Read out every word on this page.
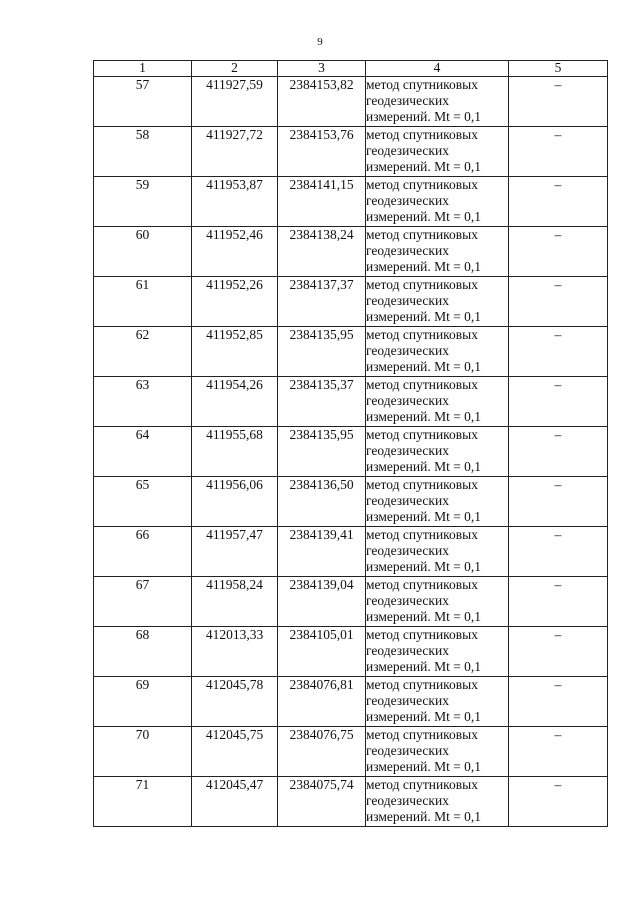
9
1	2	3	4	5
57	411927,59	2384153,82	метод спутниковых
геодезических
измерений. Mt = 0,1	–
58	411927,72	2384153,76	метод спутниковых
геодезических
измерений. Mt = 0,1	–
59	411953,87	2384141,15	метод спутниковых
геодезических
измерений. Mt = 0,1	–
60	411952,46	2384138,24	метод спутниковых
геодезических
измерений. Mt = 0,1	–
61	411952,26	2384137,37	метод спутниковых
геодезических
измерений. Mt = 0,1	–
62	411952,85	2384135,95	метод спутниковых
геодезических
измерений. Mt = 0,1	–
63	411954,26	2384135,37	метод спутниковых
геодезических
измерений. Mt = 0,1	–
64	411955,68	2384135,95	метод спутниковых
геодезических
измерений. Mt = 0,1	–
65	411956,06	2384136,50	метод спутниковых
геодезических
измерений. Mt = 0,1	–
66	411957,47	2384139,41	метод спутниковых
геодезических
измерений. Mt = 0,1	–
67	411958,24	2384139,04	метод спутниковых
геодезических
измерений. Mt = 0,1	–
68	412013,33	2384105,01	метод спутниковых
геодезических
измерений. Mt = 0,1	–
69	412045,78	2384076,81	метод спутниковых
геодезических
измерений. Mt = 0,1	–
70	412045,75	2384076,75	метод спутниковых
геодезических
измерений. Mt = 0,1	–
71	412045,47	2384075,74	метод спутниковых
геодезических
измерений. Mt = 0,1	–
